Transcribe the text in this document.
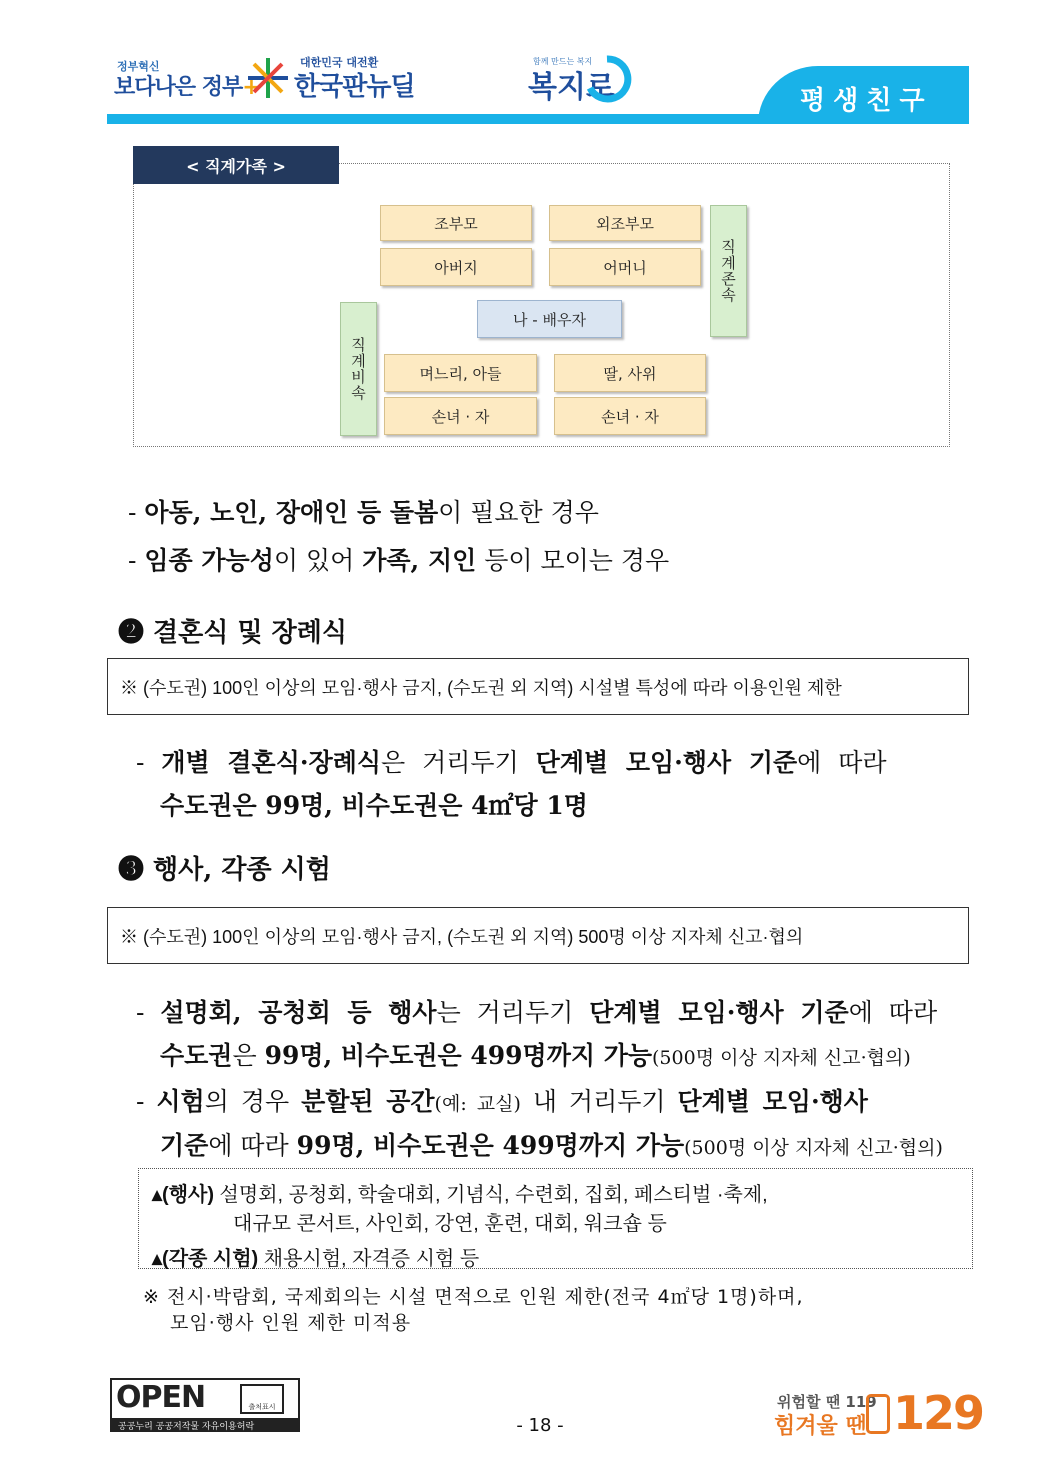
정부혁신
보다나은 정부+
대한민국 대전환
한국판뉴딜
함께 만드는 복지
복지로	평생친구
< 직계가족 >
조부모	외조부모
아버지	어머니	직계존속
나 - 배우자
직계비속	며느리, 아들	딸, 사위
손녀 · 자	손녀 · 자
- 아동, 노인, 장애인 등 돌봄이 필요한 경우
- 임종 가능성이 있어 가족, 지인 등이 모이는 경우
❷ 결혼식 및 장례식
※ (수도권) 100인 이상의 모임·행사 금지, (수도권 외 지역) 시설별 특성에 따라 이용인원 제한
- 개별 결혼식·장례식은 거리두기 단계별 모임·행사 기준에 따라
수도권은 99명, 비수도권은 4㎡당 1명
❸ 행사, 각종 시험
※ (수도권) 100인 이상의 모임·행사 금지, (수도권 외 지역) 500명 이상 지자체 신고·협의
- 설명회, 공청회 등 행사는 거리두기 단계별 모임·행사 기준에 따라
수도권은 99명, 비수도권은 499명까지 가능(500명 이상 지자체 신고·협의)
- 시험의 경우 분할된 공간(예: 교실) 내 거리두기 단계별 모임·행사
기준에 따라 99명, 비수도권은 499명까지 가능(500명 이상 지자체 신고·협의)
▴(행사) 설명회, 공청회, 학술대회, 기념식, 수련회, 집회, 페스티벌 ·축제,
대규모 콘서트, 사인회, 강연, 훈련, 대회, 워크숍 등
▴(각종 시험) 채용시험, 자격증 시험 등
※ 전시·박람회, 국제회의는 시설 면적으로 인원 제한(전국 4㎡당 1명)하며,
모임·행사 인원 제한 미적용
OPEN	출처표시
공공누리 공공저작물 자유이용허락	- 18 -
위험할 땐 119
힘겨울 땐 129
